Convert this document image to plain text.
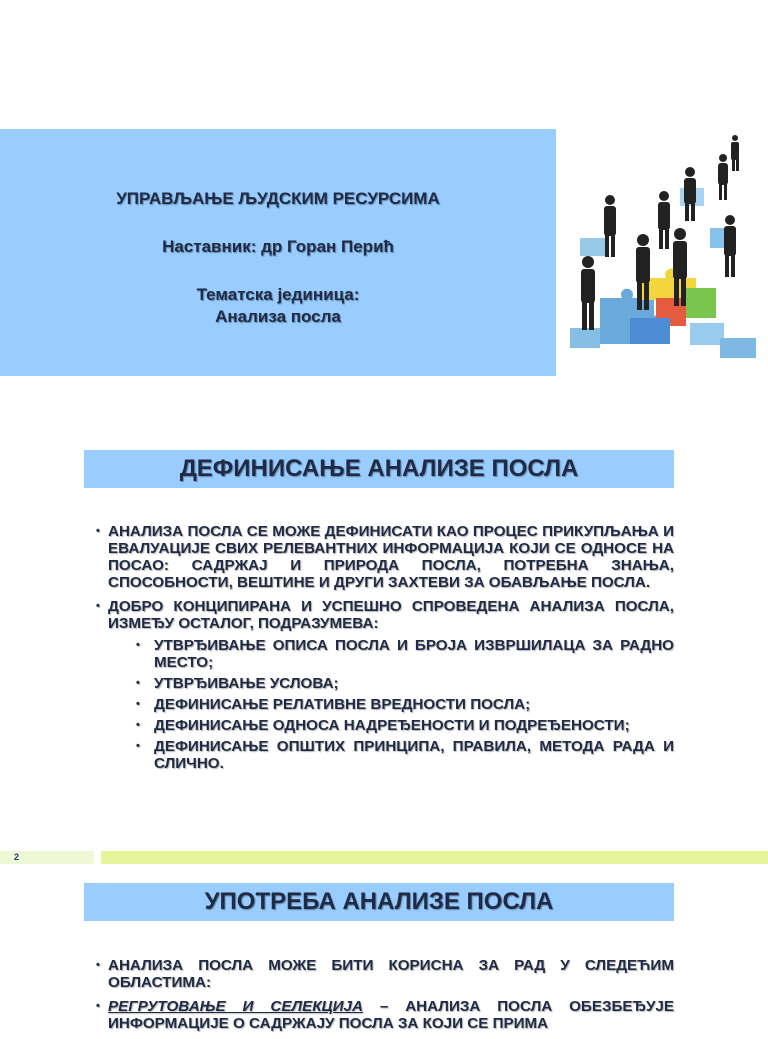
УПРАВЉАЊЕ ЉУДСКИМ РЕСУРСИМА
Наставник: др Горан Перић
Тематска јединица:
Анализа посла
ДЕФИНИСАЊЕ АНАЛИЗЕ ПОСЛА
• АНАЛИЗА ПОСЛА СЕ МОЖЕ ДЕФИНИСАТИ КАО ПРОЦЕС ПРИКУПЉАЊА И ЕВАЛУАЦИЈЕ СВИХ РЕЛЕВАНТНИХ ИНФОРМАЦИЈА КОЈИ СЕ ОДНОСЕ НА ПОСАО: САДРЖАЈ И ПРИРОДА ПОСЛА, ПОТРЕБНА ЗНАЊА, СПОСОБНОСТИ, ВЕШТИНЕ И ДРУГИ ЗАХТЕВИ ЗА ОБАВЉАЊЕ ПОСЛА.
• ДОБРО КОНЦИПИРАНА И УСПЕШНО СПРОВЕДЕНА АНАЛИЗА ПОСЛА, ИЗМЕЂУ ОСТАЛОГ, ПОДРАЗУМЕВА:
• УТВРЂИВАЊЕ ОПИСА ПОСЛА И БРОЈА ИЗВРШИЛАЦА ЗА РАДНО МЕСТО;
• УТВРЂИВАЊЕ УСЛОВА;
• ДЕФИНИСАЊЕ РЕЛАТИВНЕ ВРЕДНОСТИ ПОСЛА;
• ДЕФИНИСАЊЕ ОДНОСА НАДРЕЂЕНОСТИ И ПОДРЕЂЕНОСТИ;
• ДЕФИНИСАЊЕ ОПШТИХ ПРИНЦИПА, ПРАВИЛА, МЕТОДА РАДА И СЛИЧНО.
2
УПОТРЕБА АНАЛИЗЕ ПОСЛА
• АНАЛИЗА ПОСЛА МОЖЕ БИТИ КОРИСНА ЗА РАД У СЛЕДЕЋИМ ОБЛАСТИМА:
• РЕГРУТОВАЊЕ И СЕЛЕКЦИЈА – АНАЛИЗА ПОСЛА ОБЕЗБЕЂУЈЕ ИНФОРМАЦИЈЕ О САДРЖАЈУ ПОСЛА ЗА КОЈИ СЕ ПРИМА
